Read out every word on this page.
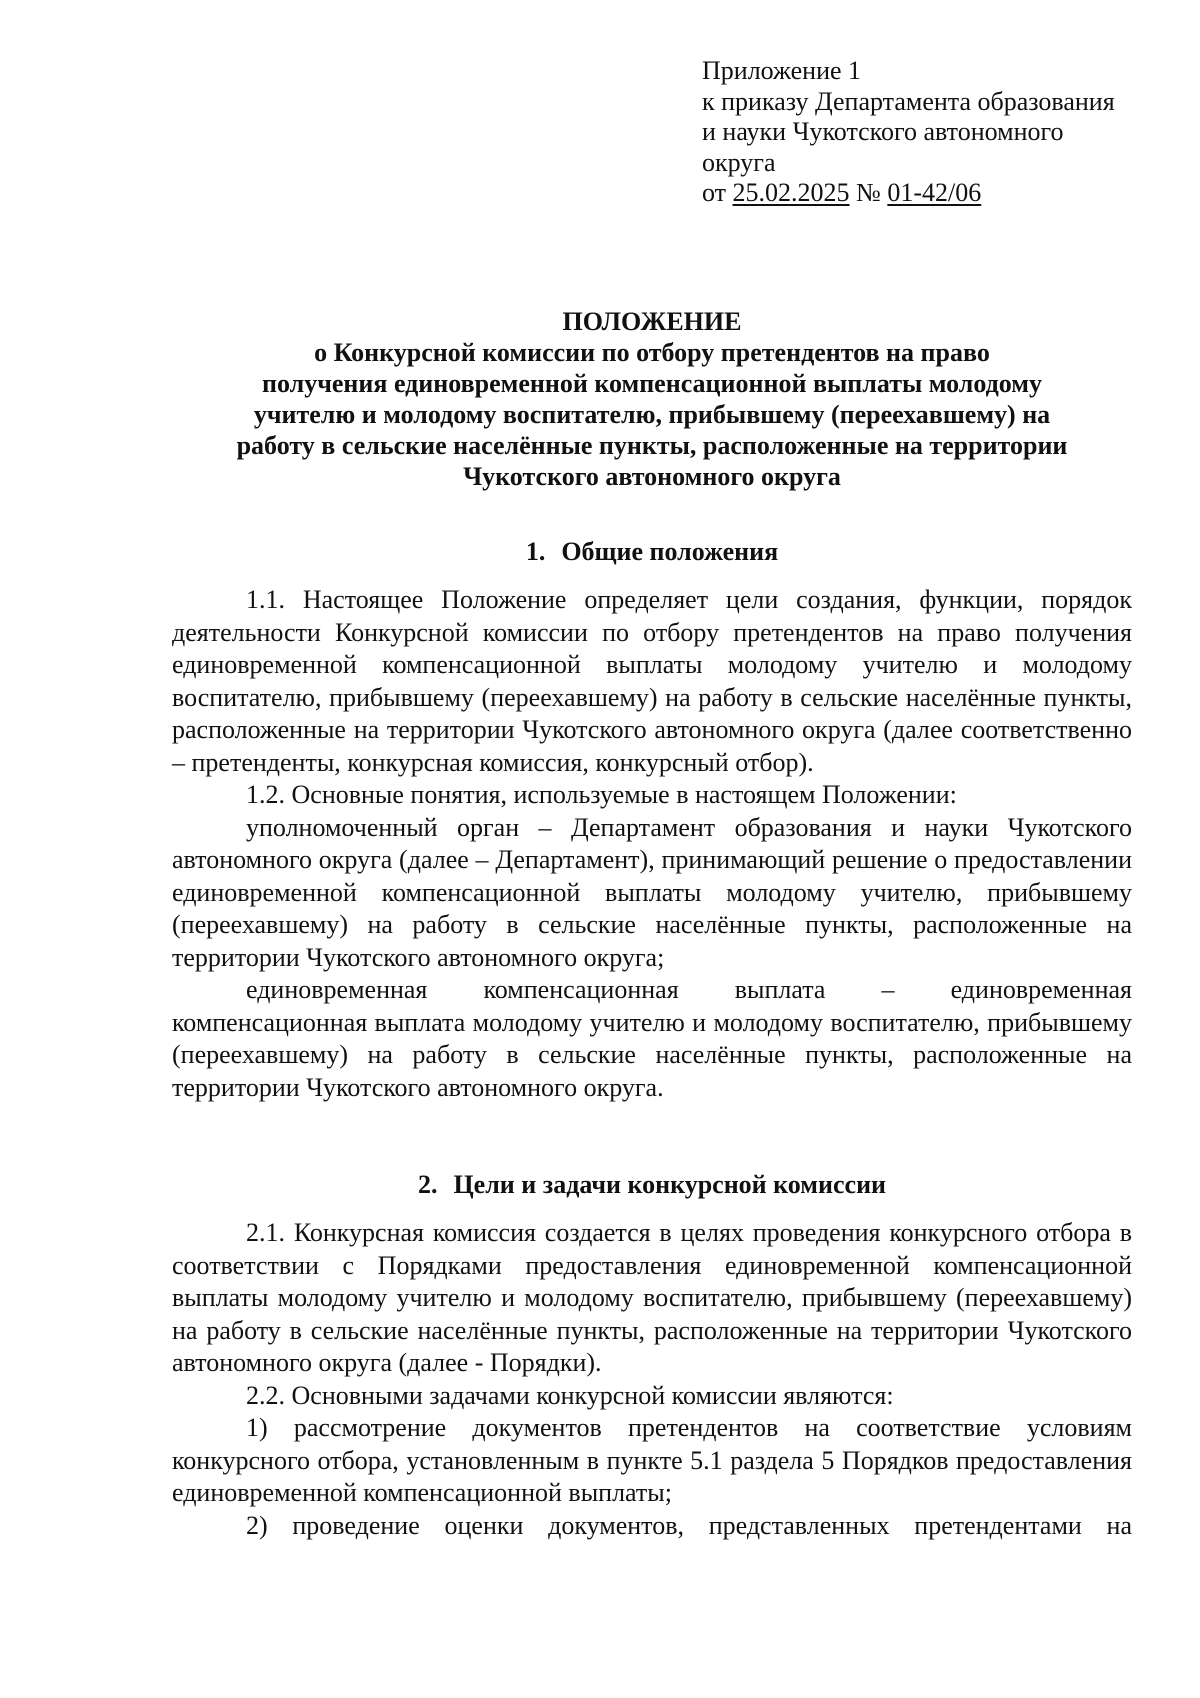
Приложение 1
к приказу Департамента образования
и науки Чукотского автономного
округа
от 25.02.2025 № 01-42/06
ПОЛОЖЕНИЕ
о Конкурсной комиссии по отбору претендентов на право
получения единовременной компенсационной выплаты молодому
учителю и молодому воспитателю, прибывшему (переехавшему) на
работу в сельские населённые пункты, расположенные на территории
Чукотского автономного округа
1. Общие положения

1.1. Настоящее Положение определяет цели создания, функции, порядок деятельности Конкурсной комиссии по отбору претендентов на право получения единовременной компенсационной выплаты молодому учителю и молодому воспитателю, прибывшему (переехавшему) на работу в сельские населённые пункты, расположенные на территории Чукотского автономного округа (далее соответственно – претенденты, конкурсная комиссия, конкурсный отбор).

1.2. Основные понятия, используемые в настоящем Положении:

уполномоченный орган – Департамент образования и науки Чукотского автономного округа (далее – Департамент), принимающий решение о предоставлении единовременной компенсационной выплаты молодому учителю, прибывшему (переехавшему) на работу в сельские населённые пункты, расположенные на территории Чукотского автономного округа;

единовременная компенсационная выплата – единовременная компенсационная выплата молодому учителю и молодому воспитателю, прибывшему (переехавшему) на работу в сельские населённые пункты, расположенные на территории Чукотского автономного округа.

2. Цели и задачи конкурсной комиссии

2.1. Конкурсная комиссия создается в целях проведения конкурсного отбора в соответствии с Порядками предоставления единовременной компенсационной выплаты молодому учителю и молодому воспитателю, прибывшему (переехавшему) на работу в сельские населённые пункты, расположенные на территории Чукотского автономного округа (далее - Порядки).

2.2. Основными задачами конкурсной комиссии являются:

1) рассмотрение документов претендентов на соответствие условиям конкурсного отбора, установленным в пункте 5.1 раздела 5 Порядков предоставления единовременной компенсационной выплаты;

2) проведение оценки документов, представленных претендентами на
